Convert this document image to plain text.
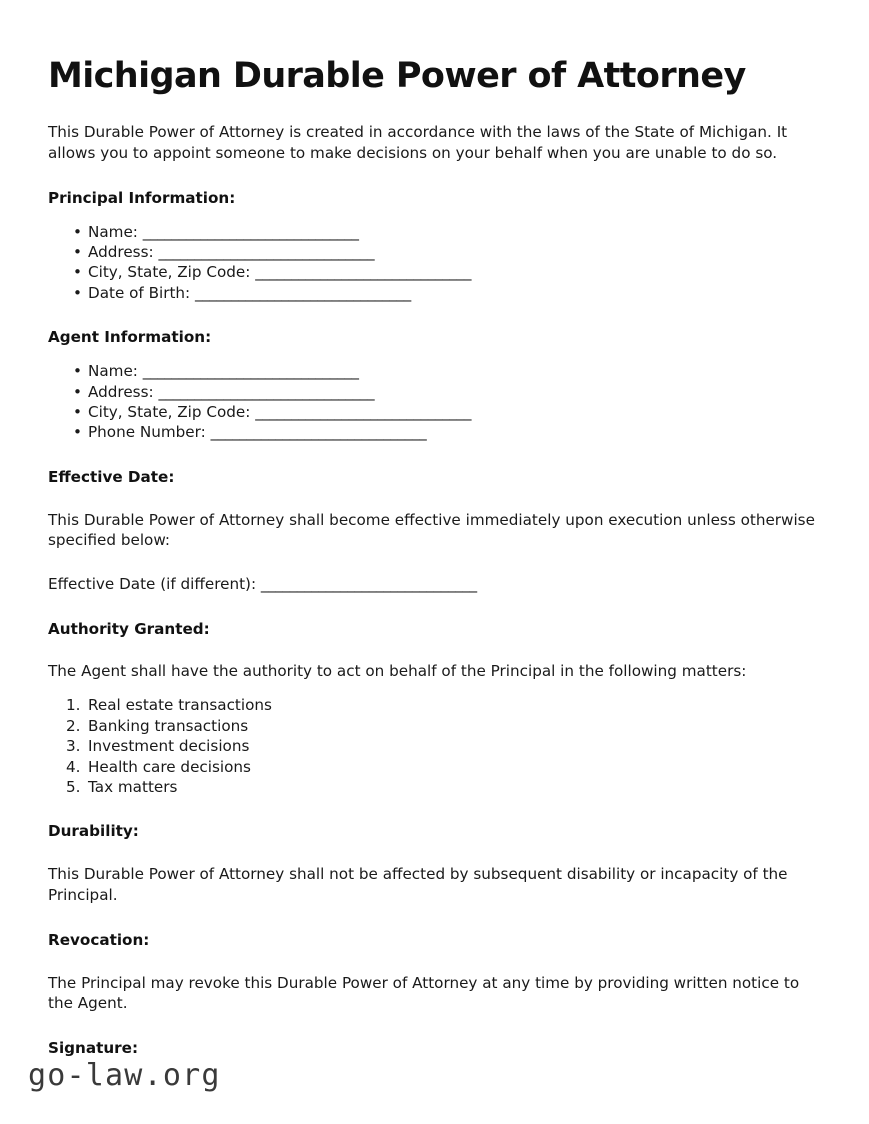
Michigan Durable Power of Attorney

This Durable Power of Attorney is created in accordance with the laws of the State of Michigan. It allows you to appoint someone to make decisions on your behalf when you are unable to do so.

Principal Information:
• Name: ______________________________
• Address: ______________________________
• City, State, Zip Code: ______________________________
• Date of Birth: ______________________________
Agent Information:
• Name: ______________________________
• Address: ______________________________
• City, State, Zip Code: ______________________________
• Phone Number: ______________________________
Effective Date:

This Durable Power of Attorney shall become effective immediately upon execution unless otherwise specified below:

Effective Date (if different): ______________________________

Authority Granted:

The Agent shall have the authority to act on behalf of the Principal in the following matters:

Real estate transactions
Banking transactions
Investment decisions
Health care decisions
Tax matters
Durability:

This Durable Power of Attorney shall not be affected by subsequent disability or incapacity of the Principal.

Revocation:

The Principal may revoke this Durable Power of Attorney at any time by providing written notice to the Agent.

Signature:
go-law.org
